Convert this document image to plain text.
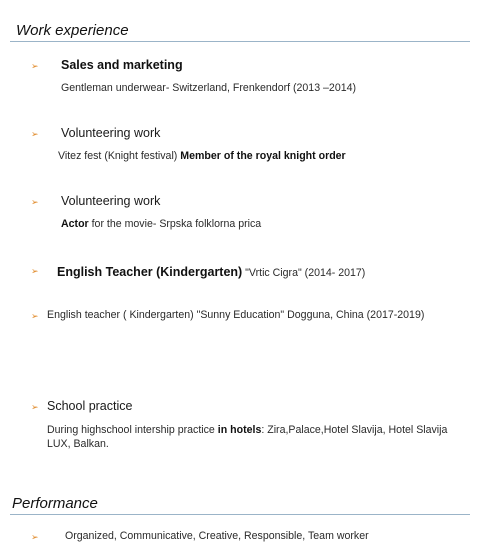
Work experience
➢ Sales and marketing
Gentleman underwear- Switzerland, Frenkendorf (2013 –2014)
➢ Volunteering work
Vitez fest (Knight festival) Member of the royal knight order
➢ Volunteering work
Actor for the movie- Srpska folklorna prica
➢ English Teacher (Kindergarten) "Vrtic Cigra" (2014- 2017)
➢ English teacher ( Kindergarten) "Sunny Education" Dogguna, China (2017-2019)
➢ School practice
During highschool intership practice in hotels: Zira,Palace,Hotel Slavija, Hotel Slavija LUX, Balkan.
Performance
➢ Organized, Communicative, Creative, Responsible, Team worker
